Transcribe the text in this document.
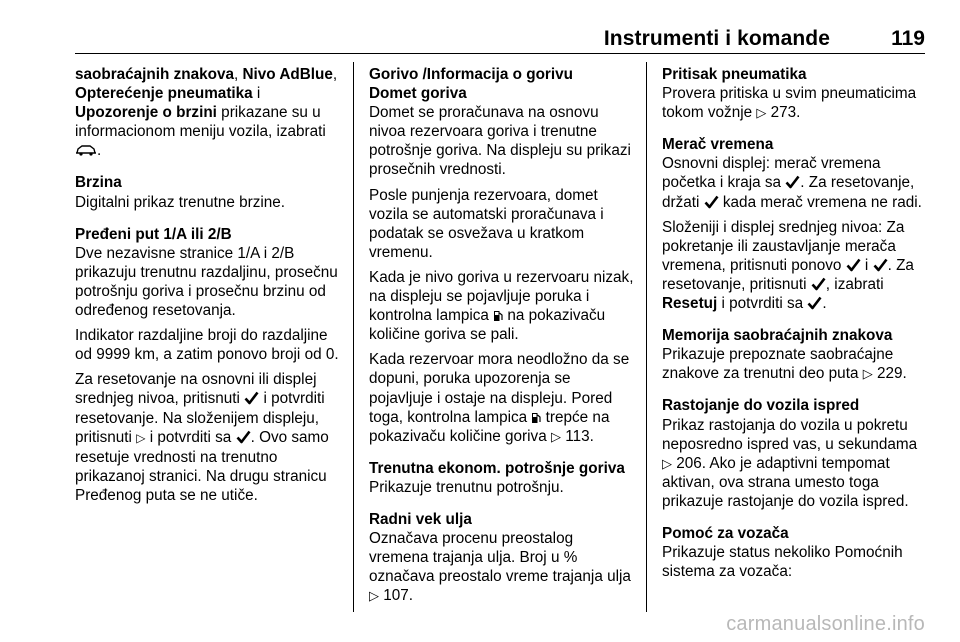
Instrumenti i komande	119
saobraćajnih znakova, Nivo AdBlue,
Opterećenje pneumatika i
Upozorenje o brzini prikazane su u informacionom meniju vozila, izabrati .
Brzina

Digitalni prikaz trenutne brzine.

Pređeni put 1/A ili 2/B

Dve nezavisne stranice 1/A i 2/B prikazuju trenutnu razdaljinu, prosečnu potrošnju goriva i prosečnu brzinu od određenog resetovanja.

Indikator razdaljine broji do razdaljine od 9999 km, a zatim ponovo broji od 0.

Za resetovanje na osnovni ili displej srednjeg nivoa, pritisnuti  i potvrditi resetovanje. Na složenijem displeju, pritisnuti ▷ i potvrditi sa . Ovo samo resetuje vrednosti na trenutno prikazanoj stranici. Na drugu stranicu Pređenog puta se ne utiče.

Gorivo /Informacija o gorivu
Domet goriva

Domet se proračunava na osnovu nivoa rezervoara goriva i trenutne potrošnje goriva. Na displeju su prikazi prosečnih vrednosti.

Posle punjenja rezervoara, domet vozila se automatski proračunava i podatak se osvežava u kratkom vremenu.

Kada je nivo goriva u rezervoaru nizak, na displeju se pojavljuje poruka i kontrolna lampica  na pokazivaču količine goriva se pali.

Kada rezervoar mora neodložno da se dopuni, poruka upozorenja se pojavljuje i ostaje na displeju. Pored toga, kontrolna lampica  trepće na pokazivaču količine goriva ▷ 113.

Trenutna ekonom. potrošnje goriva

Prikazuje trenutnu potrošnju.

Radni vek ulja

Označava procenu preostalog vremena trajanja ulja. Broj u % označava preostalo vreme trajanja ulja ▷ 107.

Pritisak pneumatika

Provera pritiska u svim pneumaticima tokom vožnje ▷ 273.

Merač vremena

Osnovni displej: merač vremena početka i kraja sa . Za resetovanje, držati  kada merač vremena ne radi.

Složeniji i displej srednjeg nivoa: Za pokretanje ili zaustavljanje merača vremena, pritisnuti ponovo  i . Za resetovanje, pritisnuti , izabrati Resetuj i potvrditi sa .

Memorija saobraćajnih znakova

Prikazuje prepoznate saobraćajne znakove za trenutni deo puta ▷ 229.

Rastojanje do vozila ispred

Prikaz rastojanja do vozila u pokretu neposredno ispred vas, u sekundama ▷ 206. Ako je adaptivni tempomat aktivan, ova strana umesto toga prikazuje rastojanje do vozila ispred.

Pomoć za vozača

Prikazuje status nekoliko Pomoćnih sistema za vozača:

carmanualsonline.info
